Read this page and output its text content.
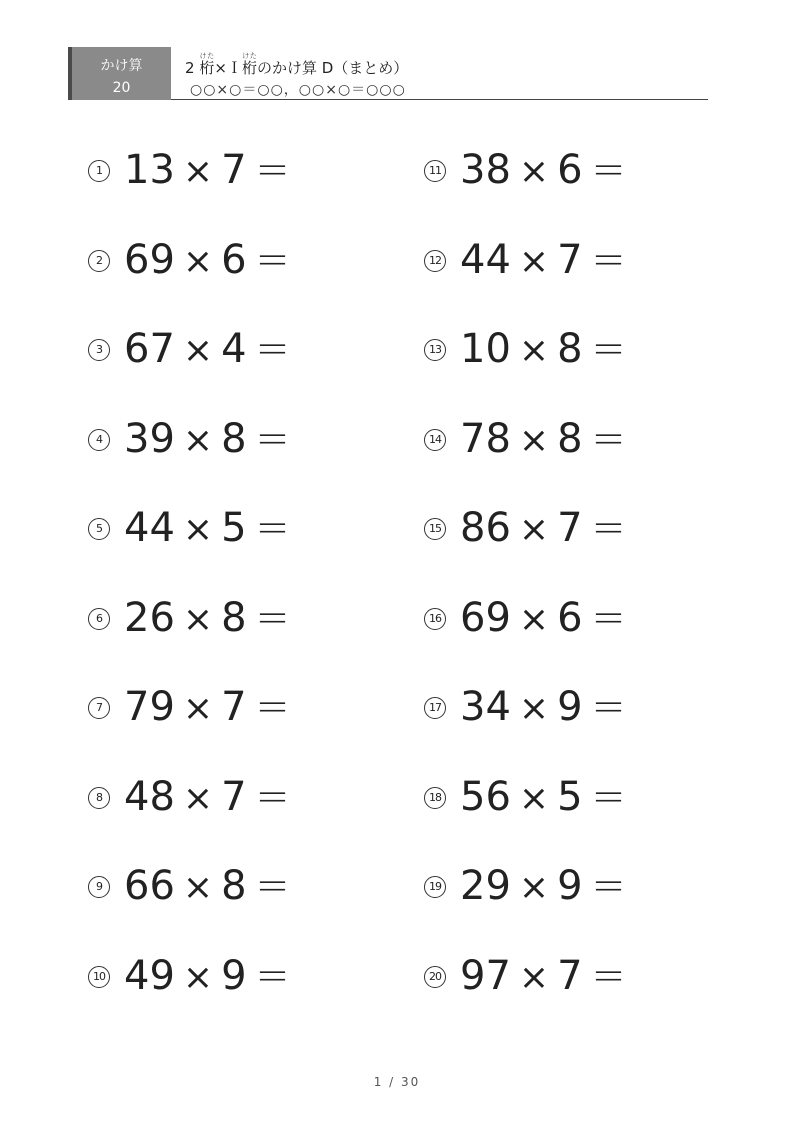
かけ算
20
2 桁けた×Ｉ桁けたのかけ算 D（まとめ）
○○×○＝○○，○○×○＝○○○
1 13 × 7 ＝
2 69 × 6 ＝
3 67 × 4 ＝
4 39 × 8 ＝
5 44 × 5 ＝
6 26 × 8 ＝
7 79 × 7 ＝
8 48 × 7 ＝
9 66 × 8 ＝
10 49 × 9 ＝
11 38 × 6 ＝
12 44 × 7 ＝
13 10 × 8 ＝
14 78 × 8 ＝
15 86 × 7 ＝
16 69 × 6 ＝
17 34 × 9 ＝
18 56 × 5 ＝
19 29 × 9 ＝
20 97 × 7 ＝
1 / 30
